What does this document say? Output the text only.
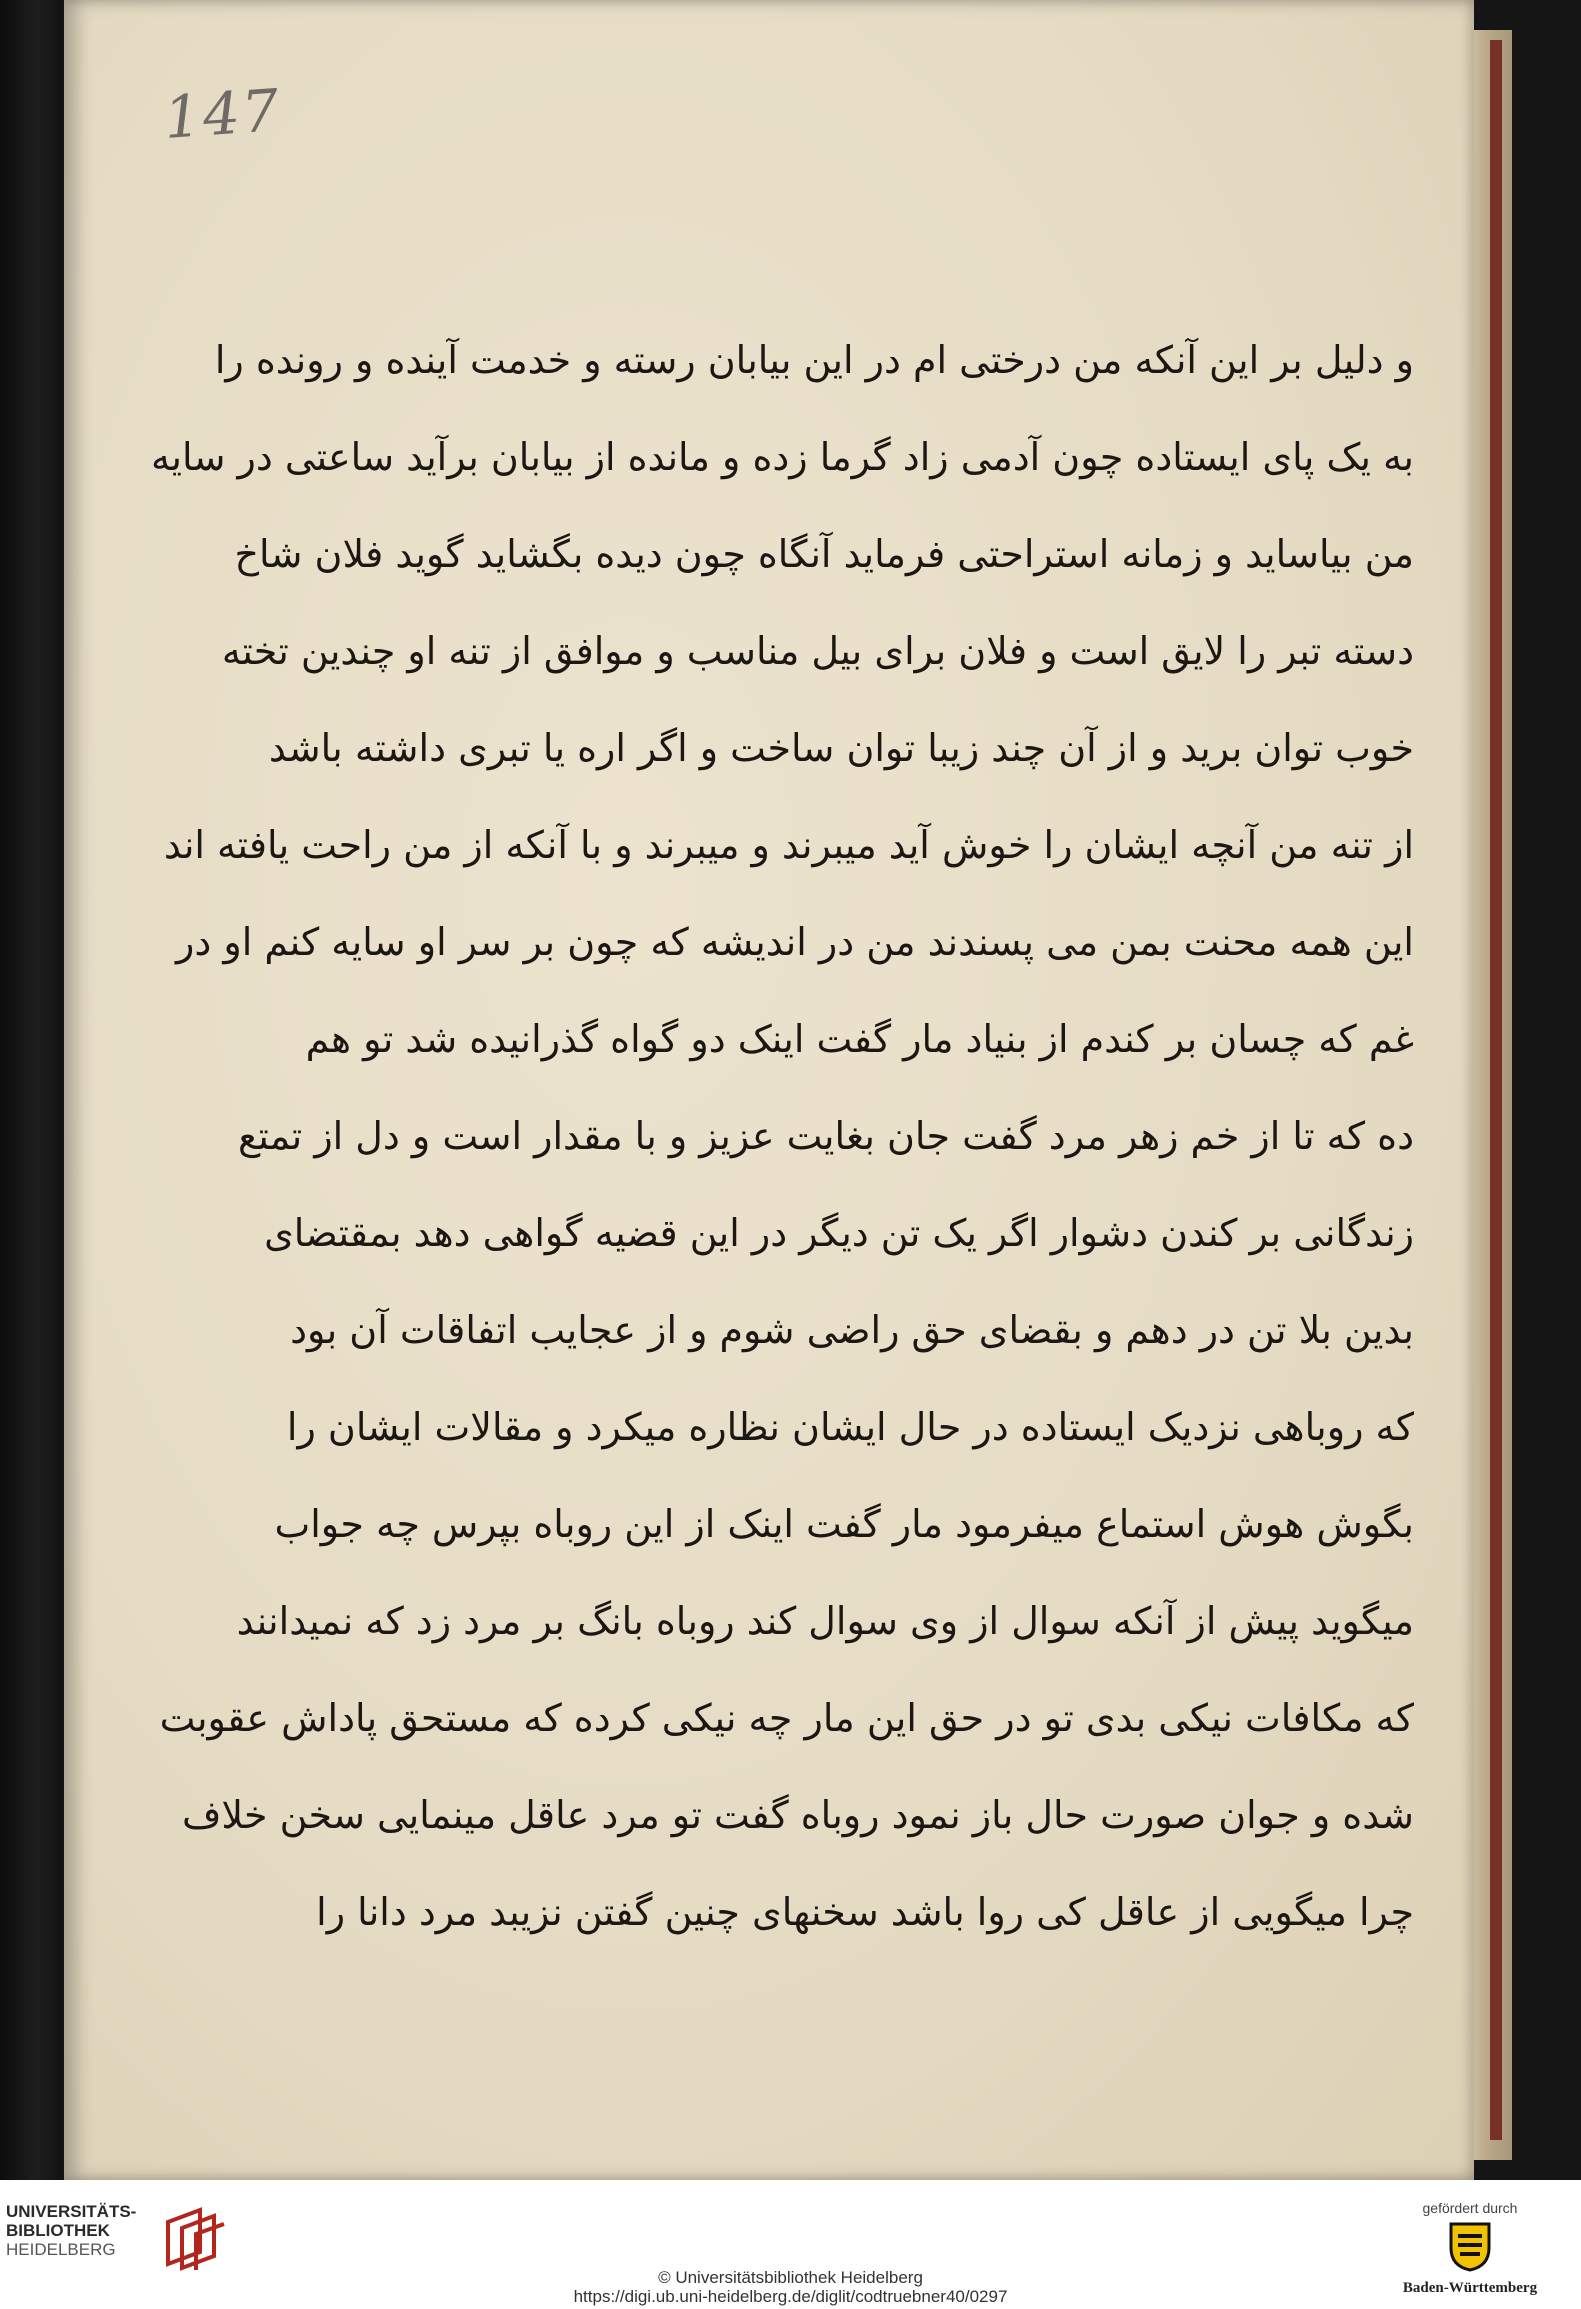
147
و دلیل بر این آنکه من درختی ام در این بیابان رسته و خدمت آینده و رونده را
به یک پای ایستاده چون آدمی زاد گرما زده و مانده از بیابان برآید ساعتی در سایه
من بیاساید و زمانه استراحتی فرماید آنگاه چون دیده بگشاید گوید فلان شاخ
دسته تبر را لایق است و فلان برای بیل مناسب و موافق از تنه او چندین تخته
خوب توان برید و از آن چند زیبا توان ساخت و اگر اره یا تبری داشته باشد
از تنه من آنچه ایشان را خوش آید میبرند و میبرند و با آنکه از من راحت یافته اند
این همه محنت بمن می پسندند من در اندیشه که چون بر سر او سایه کنم او در
غم که چسان بر کندم از بنیاد مار گفت اینک دو گواه گذرانیده شد تو هم
ده که تا از خم زهر مرد گفت جان بغایت عزیز و با مقدار است و دل از تمتع
زندگانی بر کندن دشوار اگر یک تن دیگر در این قضیه گواهی دهد بمقتضای
بدین بلا تن در دهم و بقضای حق راضی شوم و از عجایب اتفاقات آن بود
که روباهی نزدیک ایستاده در حال ایشان نظاره میکرد و مقالات ایشان را
بگوش هوش استماع میفرمود مار گفت اینک از این روباه بپرس چه جواب
میگوید پیش از آنکه سوال از وی سوال کند روباه بانگ بر مرد زد که نمیدانند
که مکافات نیکی بدی تو در حق این مار چه نیکی کرده که مستحق پاداش عقوبت
شده و جوان صورت حال باز نمود روباه گفت تو مرد عاقل مینمایی سخن خلاف
چرا میگویی از عاقل کی روا باشد سخنهای چنین گفتن نزیبد مرد دانا را
UNIVERSITÄTS-
BIBLIOTHEK
HEIDELBERG
© Universitätsbibliothek Heidelberg
https://digi.ub.uni-heidelberg.de/diglit/codtruebner40/0297
gefördert durch
Baden-Württemberg
